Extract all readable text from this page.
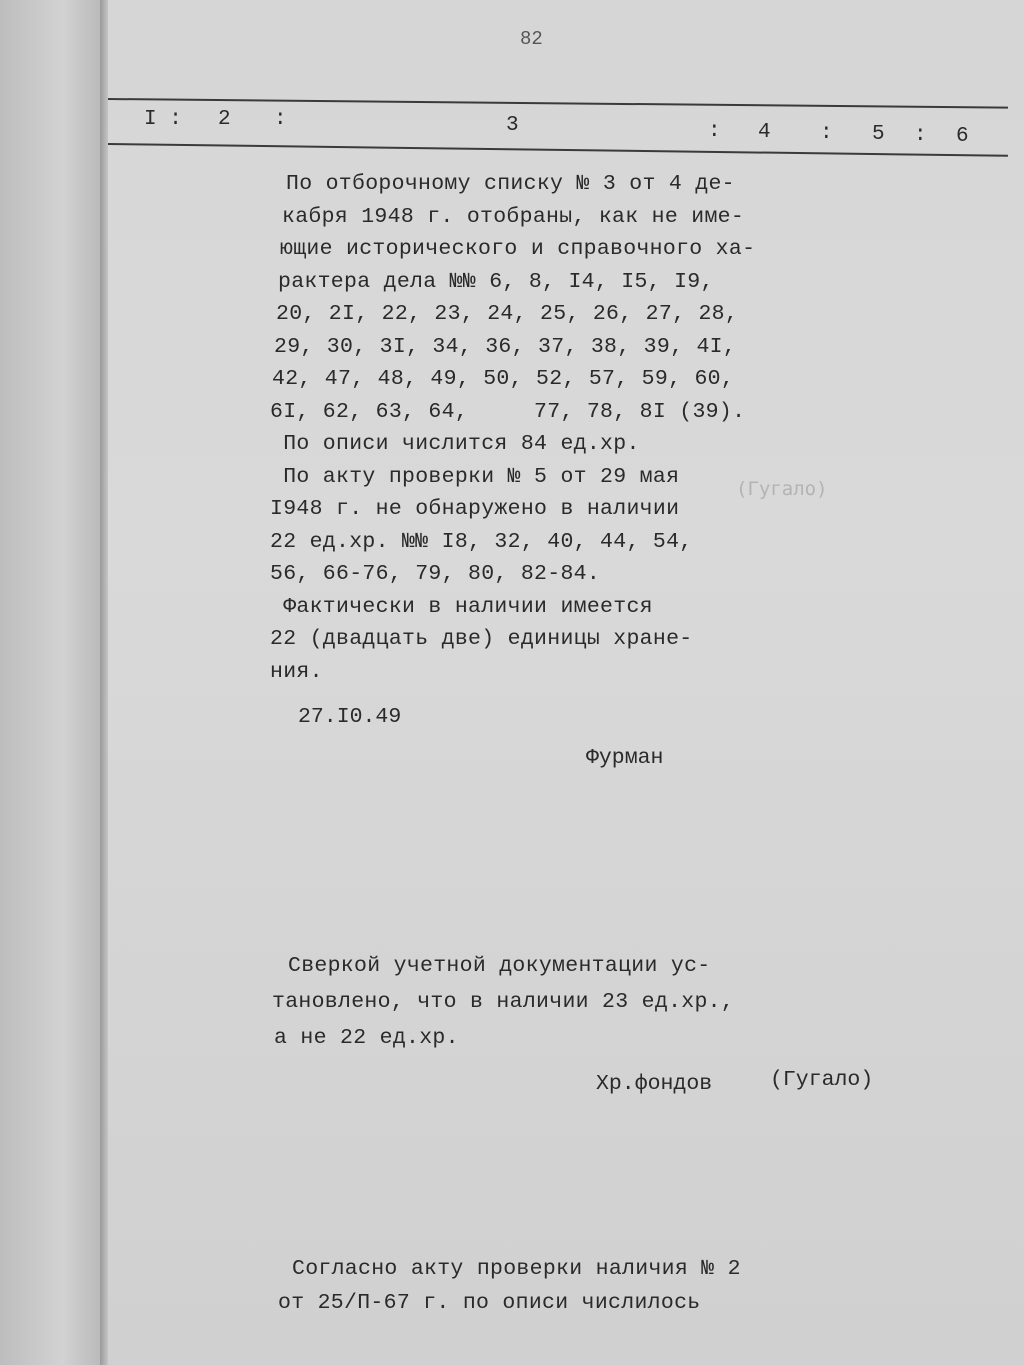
82
I : 2 :	3	: 4 : 5 : 6
По отборочному списку № 3 от 4 де-
кабря 1948 г. отобраны, как не име-
ющие исторического и справочного ха-
рактера дела №№ 6, 8, I4, I5, I9,
20, 2I, 22, 23, 24, 25, 26, 27, 28,
29, 30, 3I, 34, 36, 37, 38, 39, 4I,
42, 47, 48, 49, 50, 52, 57, 59, 60,
6I, 62, 63, 64,     77, 78, 8I (39).
По описи числится 84 ед.хр.
По акту проверки № 5 от 29 мая
I948 г. не обнаружено в наличии
22 ед.хр. №№ I8, 32, 40, 44, 54,
56, 66-76, 79, 80, 82-84.
Фактически в наличии имеется
22 (двадцать две) единицы хране-
ния.
27.I0.49
Фурман
(Гугало)
Сверкой учетной документации ус-
тановлено, что в наличии 23 ед.хр.,
а не 22 ед.хр.
Хр.фондов	(Гугало)
Согласно акту проверки наличия № 2
от 25/П-67 г. по описи числилось
